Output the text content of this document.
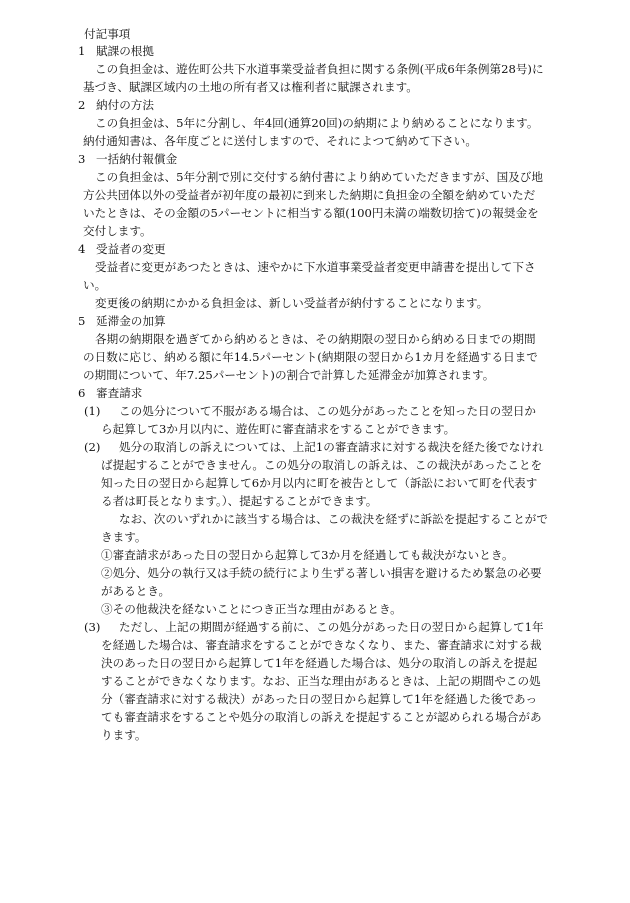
付記事項
1 賦課の根拠
この負担金は、遊佐町公共下水道事業受益者負担に関する条例(平成6年条例第28号)に
基づき、賦課区域内の土地の所有者又は権利者に賦課されます。
2 納付の方法
この負担金は、5年に分割し、年4回(通算20回)の納期により納めることになります。
納付通知書は、各年度ごとに送付しますので、それによつて納めて下さい。
3 一括納付報償金
この負担金は、5年分割で別に交付する納付書により納めていただきますが、国及び地
方公共団体以外の受益者が初年度の最初に到来した納期に負担金の全額を納めていただ
いたときは、その金額の5パーセントに相当する額(100円未満の端数切捨て)の報奨金を
交付します。
4 受益者の変更
受益者に変更があつたときは、速やかに下水道事業受益者変更申請書を提出して下さ
い。
変更後の納期にかかる負担金は、新しい受益者が納付することになります。
5 延滞金の加算
各期の納期限を過ぎてから納めるときは、その納期限の翌日から納める日までの期間
の日数に応じ、納める額に年14.5パーセント(納期限の翌日から1カ月を経過する日まで
の期間について、年7.25パーセント)の割合で計算した延滞金が加算されます。
6 審査請求
(1) この処分について不服がある場合は、この処分があったことを知った日の翌日か
ら起算して3か月以内に、遊佐町に審査請求をすることができます。
(2) 処分の取消しの訴えについては、上記1の審査請求に対する裁決を経た後でなけれ
ば提起することができません。この処分の取消しの訴えは、この裁決があったことを
知った日の翌日から起算して6か月以内に町を被告として（訴訟において町を代表す
る者は町長となります。）、提起することができます。
なお、次のいずれかに該当する場合は、この裁決を経ずに訴訟を提起することがで
きます。
①審査請求があった日の翌日から起算して3か月を経過しても裁決がないとき。
②処分、処分の執行又は手続の続行により生ずる著しい損害を避けるため緊急の必要
があるとき。
③その他裁決を経ないことにつき正当な理由があるとき。
(3) ただし、上記の期間が経過する前に、この処分があった日の翌日から起算して1年
を経過した場合は、審査請求をすることができなくなり、また、審査請求に対する裁
決のあった日の翌日から起算して1年を経過した場合は、処分の取消しの訴えを提起
することができなくなります。なお、正当な理由があるときは、上記の期間やこの処
分（審査請求に対する裁決）があった日の翌日から起算して1年を経過した後であっ
ても審査請求をすることや処分の取消しの訴えを提起することが認められる場合があ
ります。
